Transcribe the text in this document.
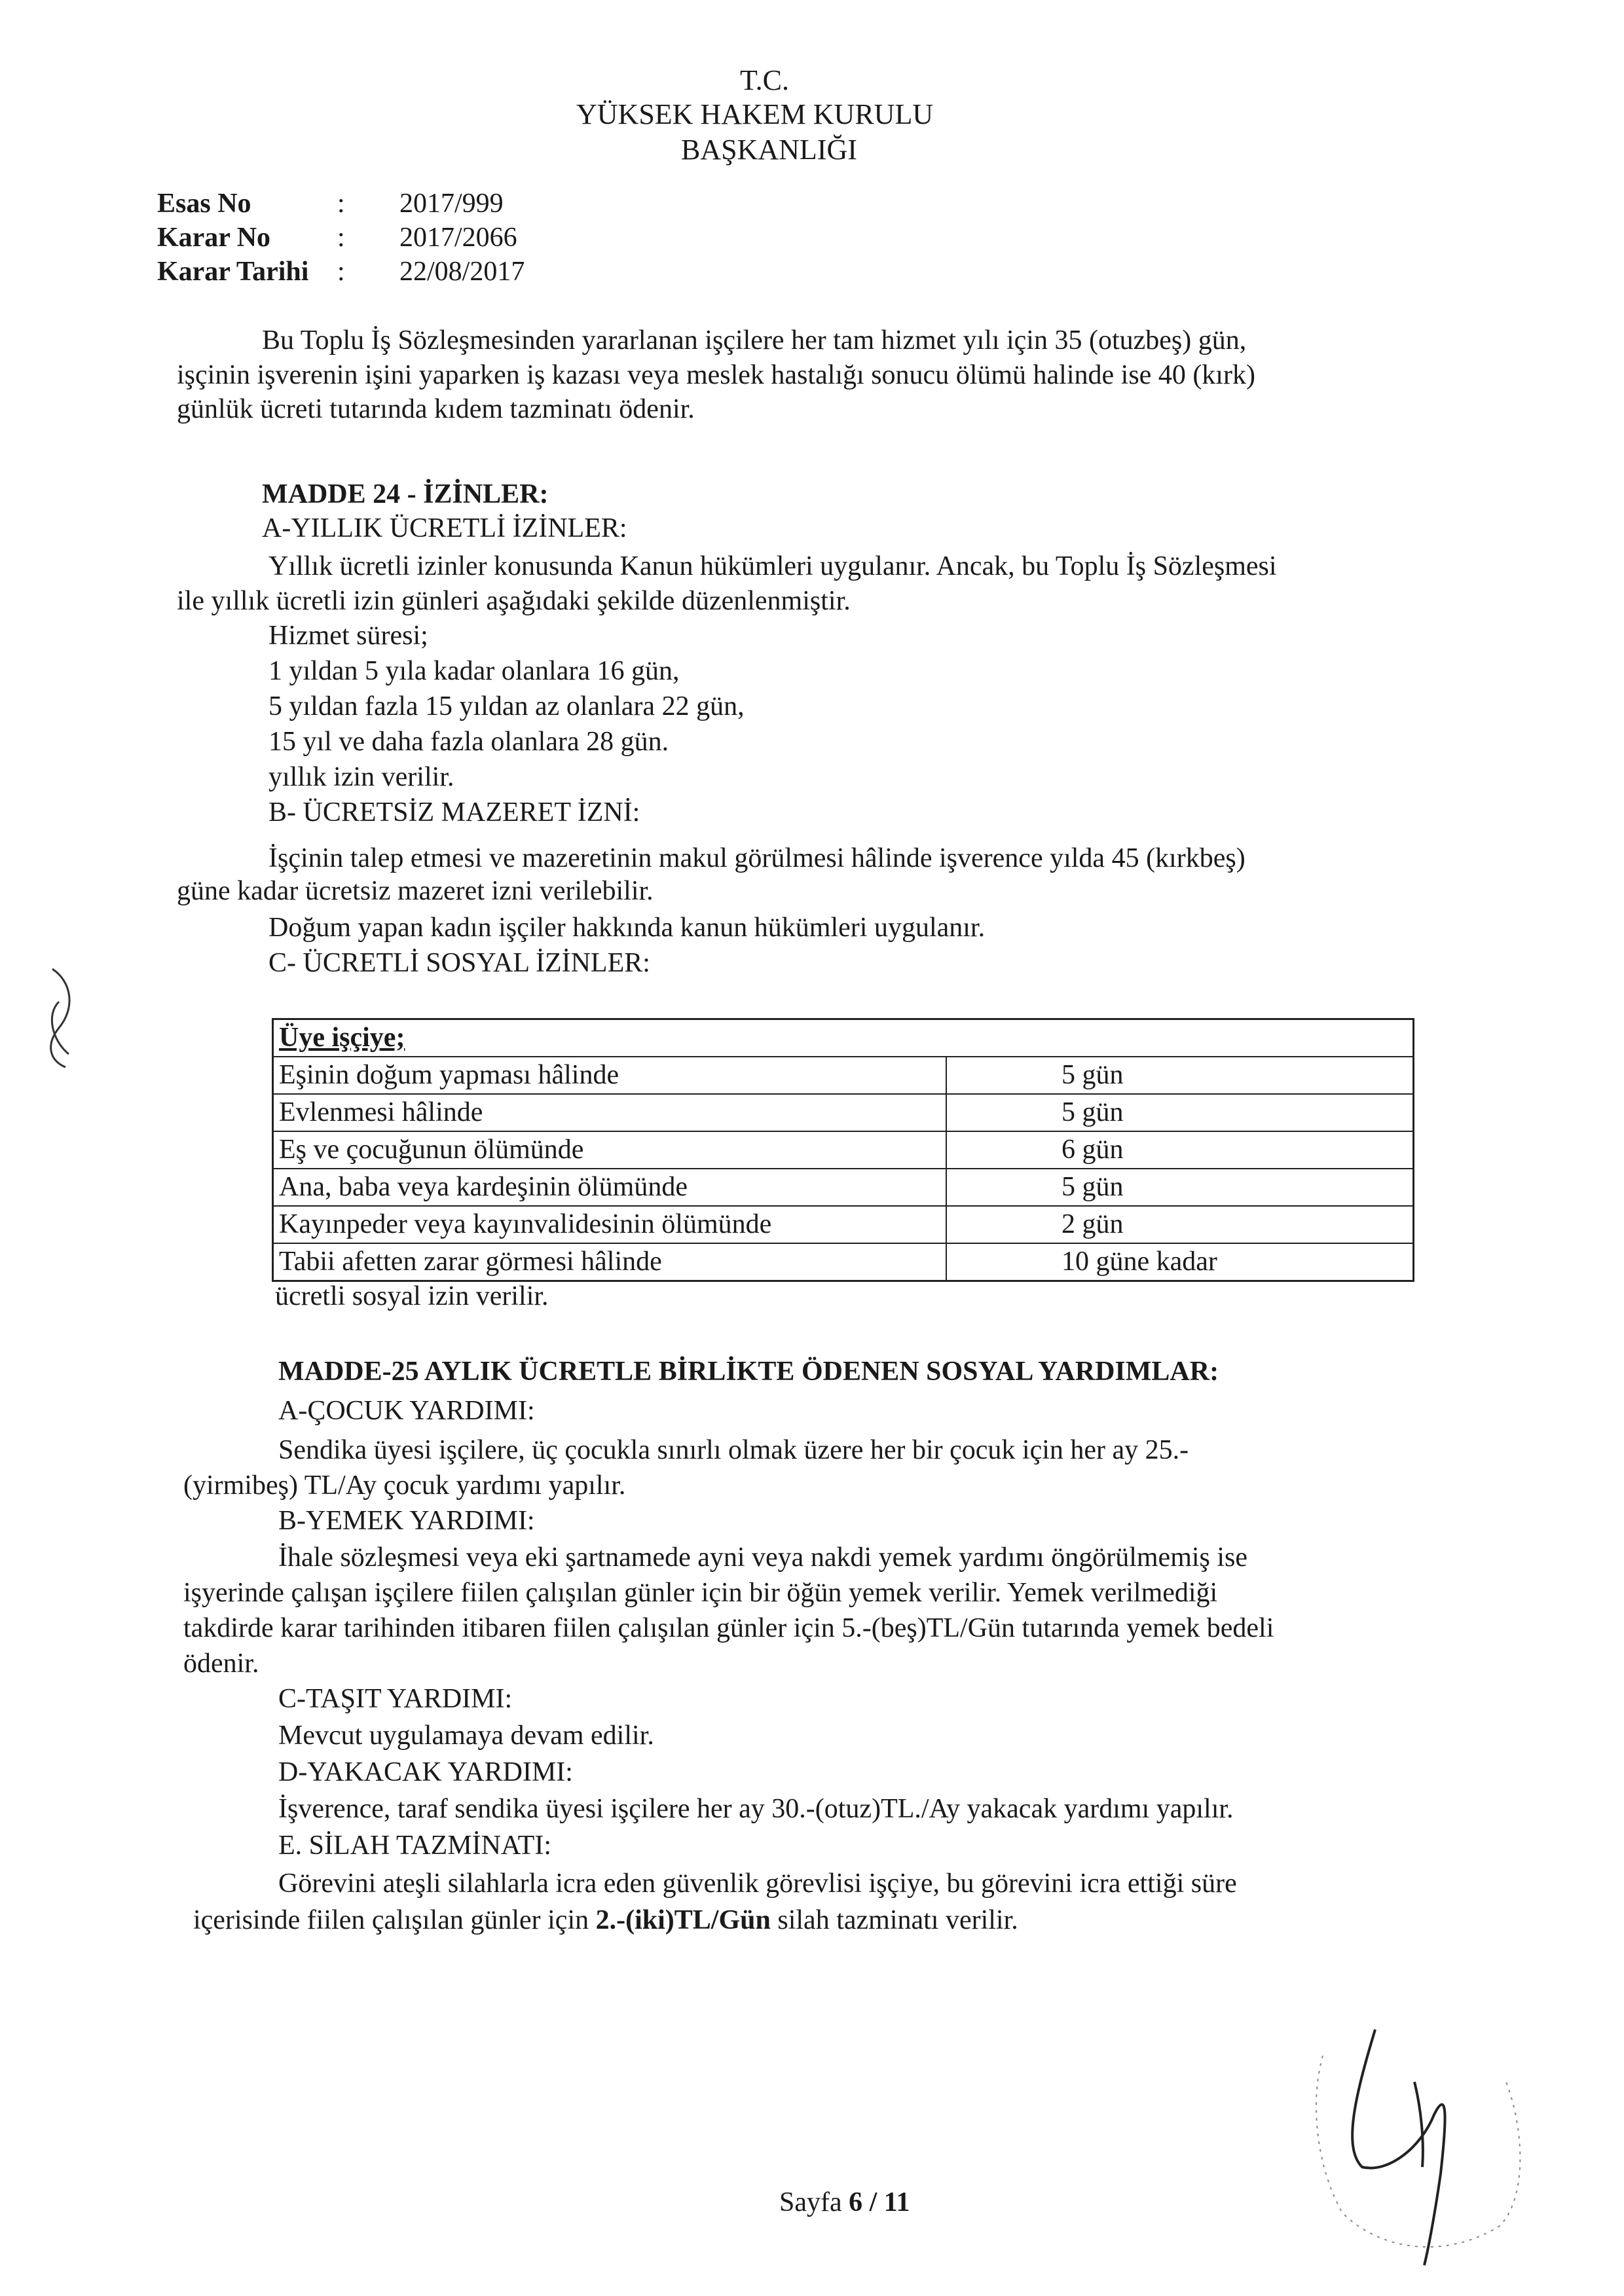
T.C.
YÜKSEK HAKEM KURULU
BAŞKANLIĞI
Esas No	: 2017/999
Karar No : 2017/2066
Karar Tarihi : 22/08/2017
Bu Toplu İş Sözleşmesinden yararlanan işçilere her tam hizmet yılı için 35 (otuzbeş) gün,
işçinin işverenin işini yaparken iş kazası veya meslek hastalığı sonucu ölümü halinde ise 40 (kırk)
günlük ücreti tutarında kıdem tazminatı ödenir.
MADDE 24 - İZİNLER:
A-YILLIK ÜCRETLİ İZİNLER:
Yıllık ücretli izinler konusunda Kanun hükümleri uygulanır. Ancak, bu Toplu İş Sözleşmesi
ile yıllık ücretli izin günleri aşağıdaki şekilde düzenlenmiştir.
Hizmet süresi;
1 yıldan 5 yıla kadar olanlara 16 gün,
5 yıldan fazla 15 yıldan az olanlara 22 gün,
15 yıl ve daha fazla olanlara 28 gün.
yıllık izin verilir.
B- ÜCRETSİZ MAZERET İZNİ:
İşçinin talep etmesi ve mazeretinin makul görülmesi hâlinde işverence yılda 45 (kırkbeş)
güne kadar ücretsiz mazeret izni verilebilir.
Doğum yapan kadın işçiler hakkında kanun hükümleri uygulanır.
C- ÜCRETLİ SOSYAL İZİNLER:
Üye işçiye;	
Eşinin doğum yapması hâlinde	5 gün
Evlenmesi hâlinde	5 gün
Eş ve çocuğunun ölümünde	6 gün
Ana, baba veya kardeşinin ölümünde	5 gün
Kayınpeder veya kayınvalidesinin ölümünde	2 gün
Tabii afetten zarar görmesi hâlinde	10 güne kadar
ücretli sosyal izin verilir.
MADDE-25 AYLIK ÜCRETLE BİRLİKTE ÖDENEN SOSYAL YARDIMLAR:
A-ÇOCUK YARDIMI:
Sendika üyesi işçilere, üç çocukla sınırlı olmak üzere her bir çocuk için her ay 25.-
(yirmibeş) TL/Ay çocuk yardımı yapılır.
B-YEMEK YARDIMI:
İhale sözleşmesi veya eki şartnamede ayni veya nakdi yemek yardımı öngörülmemiş ise
işyerinde çalışan işçilere fiilen çalışılan günler için bir öğün yemek verilir. Yemek verilmediği
takdirde karar tarihinden itibaren fiilen çalışılan günler için 5.-(beş)TL/Gün tutarında yemek bedeli
ödenir.
C-TAŞIT YARDIMI:
Mevcut uygulamaya devam edilir.
D-YAKACAK YARDIMI:
İşverence, taraf sendika üyesi işçilere her ay 30.-(otuz)TL./Ay yakacak yardımı yapılır.
E. SİLAH TAZMİNATI:
Görevini ateşli silahlarla icra eden güvenlik görevlisi işçiye, bu görevini icra ettiği süre
içerisinde fiilen çalışılan günler için 2.-(iki)TL/Gün silah tazminatı verilir.
Sayfa 6 / 11
